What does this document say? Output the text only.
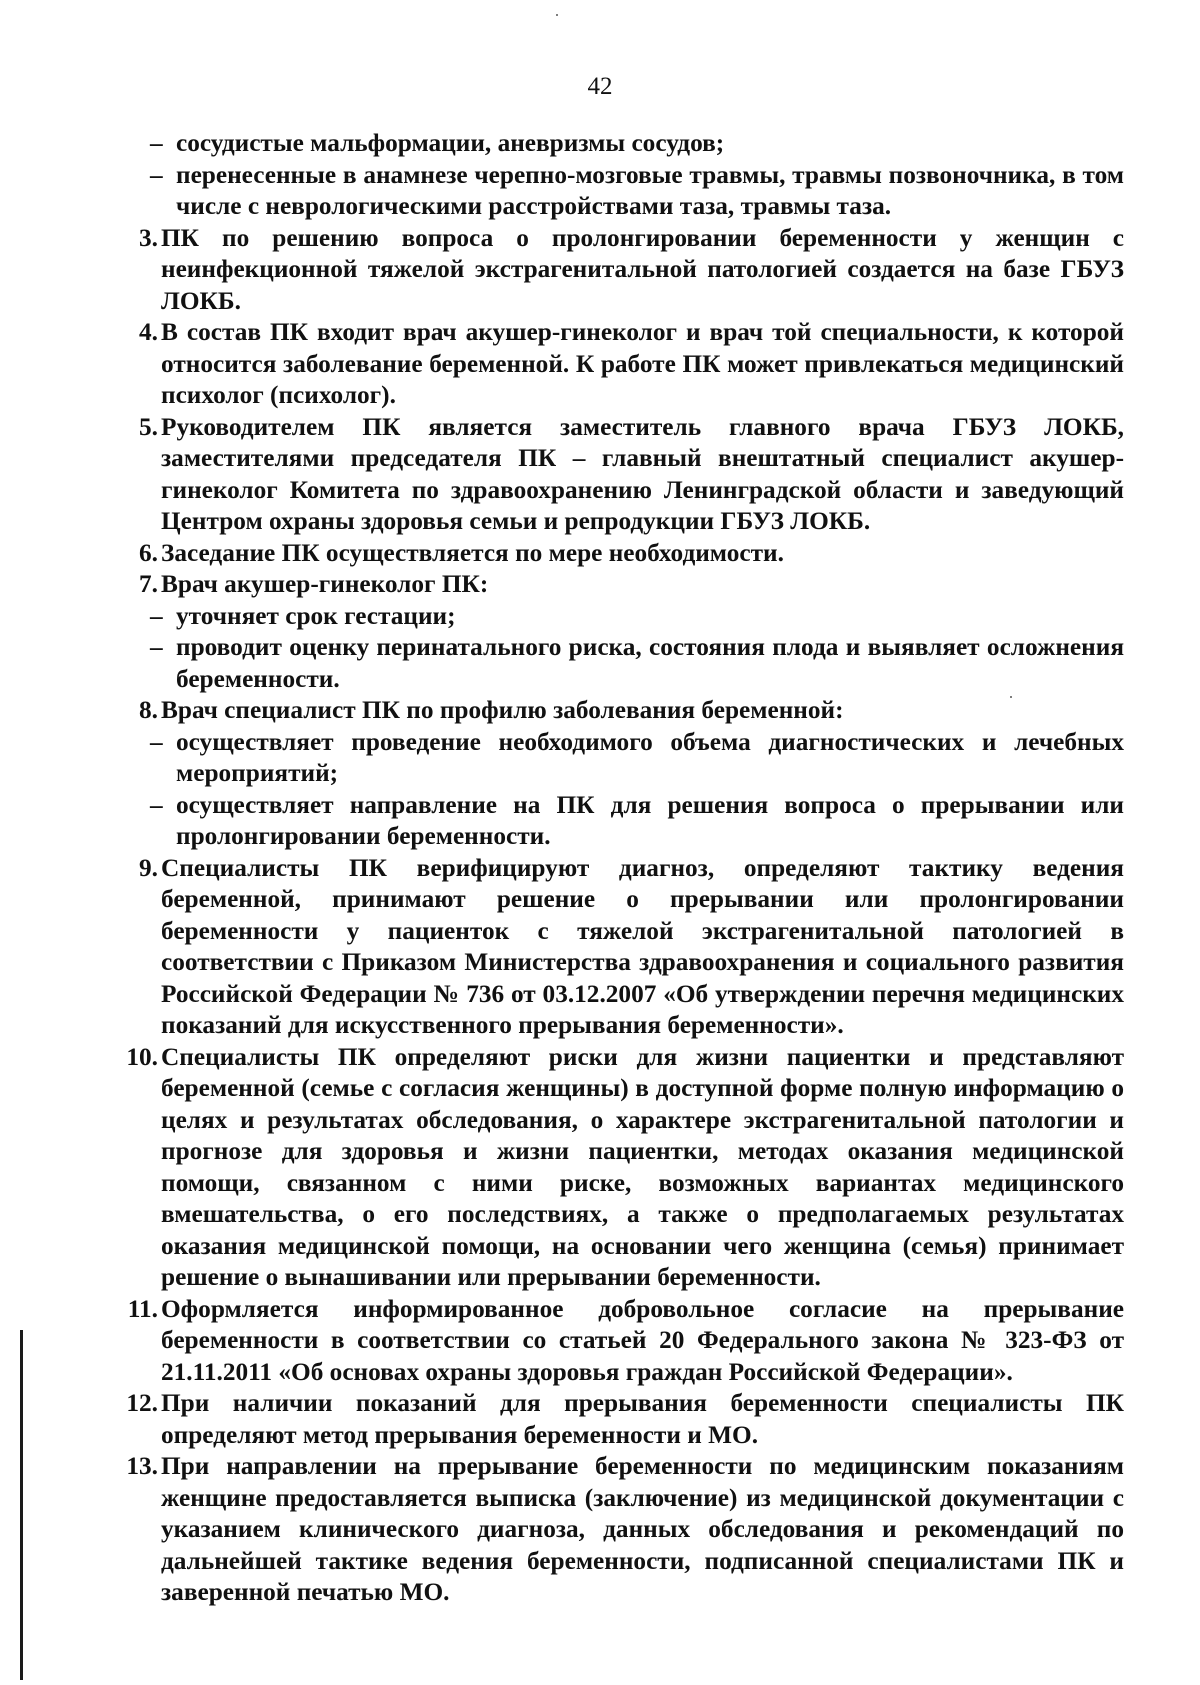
42
– сосудистые мальформации, аневризмы сосудов;
– перенесенные в анамнезе черепно-мозговые травмы, травмы позвоночника, в том числе с неврологическими расстройствами таза, травмы таза.
3. ПК по решению вопроса о пролонгировании беременности у женщин с неинфекционной тяжелой экстрагенитальной патологией создается на базе ГБУЗ ЛОКБ.
4. В состав ПК входит врач акушер-гинеколог и врач той специальности, к которой относится заболевание беременной. К работе ПК может привлекаться медицинский психолог (психолог).
5. Руководителем ПК является заместитель главного врача ГБУЗ ЛОКБ, заместителями председателя ПК – главный внештатный специалист акушер-гинеколог Комитета по здравоохранению Ленинградской области и заведующий Центром охраны здоровья семьи и репродукции ГБУЗ ЛОКБ.
6. Заседание ПК осуществляется по мере необходимости.
7. Врач акушер-гинеколог ПК:
– уточняет срок гестации;
– проводит оценку перинатального риска, состояния плода и выявляет осложнения беременности.
8. Врач специалист ПК по профилю заболевания беременной:
– осуществляет проведение необходимого объема диагностических и лечебных мероприятий;
– осуществляет направление на ПК для решения вопроса о прерывании или пролонгировании беременности.
9. Специалисты ПК верифицируют диагноз, определяют тактику ведения беременной, принимают решение о прерывании или пролонгировании беременности у пациенток с тяжелой экстрагенитальной патологией в соответствии с Приказом Министерства здравоохранения и социального развития Российской Федерации № 736 от 03.12.2007 «Об утверждении перечня медицинских показаний для искусственного прерывания беременности».
10. Специалисты ПК определяют риски для жизни пациентки и представляют беременной (семье с согласия женщины) в доступной форме полную информацию о целях и результатах обследования, о характере экстрагенитальной патологии и прогнозе для здоровья и жизни пациентки, методах оказания медицинской помощи, связанном с ними риске, возможных вариантах медицинского вмешательства, о его последствиях, а также о предполагаемых результатах оказания медицинской помощи, на основании чего женщина (семья) принимает решение о вынашивании или прерывании беременности.
11. Оформляется информированное добровольное согласие на прерывание беременности в соответствии со статьей 20 Федерального закона № 323-ФЗ от 21.11.2011 «Об основах охраны здоровья граждан Российской Федерации».
12. При наличии показаний для прерывания беременности специалисты ПК определяют метод прерывания беременности и МО.
13. При направлении на прерывание беременности по медицинским показаниям женщине предоставляется выписка (заключение) из медицинской документации с указанием клинического диагноза, данных обследования и рекомендаций по дальнейшей тактике ведения беременности, подписанной специалистами ПК и заверенной печатью МО.
